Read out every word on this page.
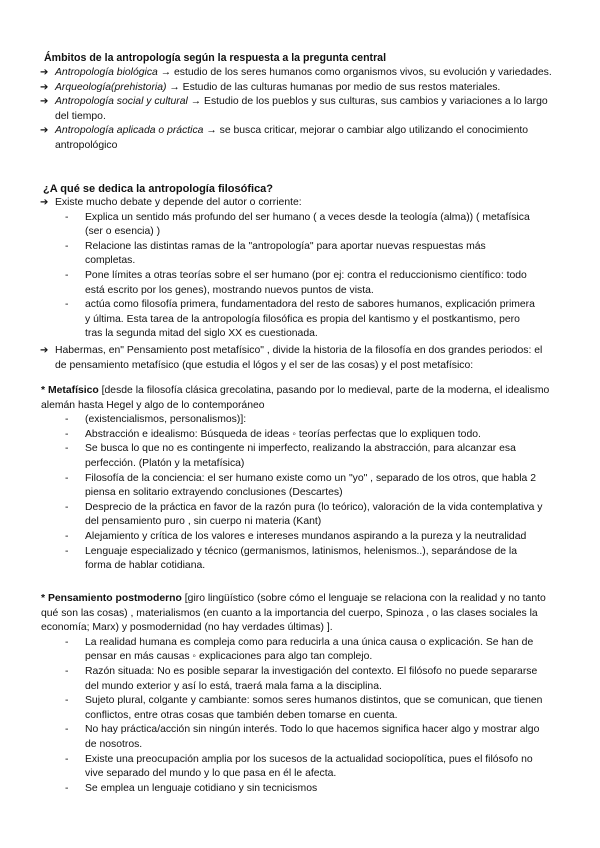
Ámbitos de la antropología según la respuesta a la pregunta central
➔ Antropología biológica → estudio de los seres humanos como organismos vivos, su evolución y variedades.
➔ Arqueología(prehistoria) → Estudio de las culturas humanas por medio de sus restos materiales.
➔ Antropología social y cultural → Estudio de los pueblos y sus culturas, sus cambios y variaciones a lo largo del tiempo.
➔ Antropología aplicada o práctica → se busca criticar, mejorar o cambiar algo utilizando el conocimiento antropológico
¿A qué se dedica la antropología filosófica?
➔ Existe mucho debate y depende del autor o corriente:
- Explica un sentido más profundo del ser humano ( a veces desde la teología (alma)) ( metafísica (ser o esencia) )
- Relacione las distintas ramas de la "antropología" para aportar nuevas respuestas más completas.
- Pone límites a otras teorías sobre el ser humano (por ej: contra el reduccionismo científico: todo está escrito por los genes), mostrando nuevos puntos de vista.
- actúa como filosofía primera, fundamentadora del resto de sabores humanos, explicación primera y última. Esta tarea de la antropología filosófica es propia del kantismo y el postkantismo, pero tras la segunda mitad del siglo XX es cuestionada.
➔ Habermas, en" Pensamiento post metafísico" , divide la historia de la filosofía en dos grandes periodos: el de pensamiento metafísico (que estudia el lógos y el ser de las cosas) y el post metafísico:
* Metafísico [desde la filosofía clásica grecolatina, pasando por lo medieval, parte de la moderna, el idealismo alemán hasta Hegel y algo de lo contemporáneo
- (existencialismos, personalismos)]:
- Abstracción e idealismo: Búsqueda de ideas ◦ teorías perfectas que lo expliquen todo.
- Se busca lo que no es contingente ni imperfecto, realizando la abstracción, para alcanzar esa perfección. (Platón y la metafísica)
- Filosofía de la conciencia: el ser humano existe como un "yo" , separado de los otros, que habla 2 piensa en solitario extrayendo conclusiones (Descartes)
- Desprecio de la práctica en favor de la razón pura (lo teórico), valoración de la vida contemplativa y del pensamiento puro , sin cuerpo ni materia (Kant)
- Alejamiento y crítica de los valores e intereses mundanos aspirando a la pureza y la neutralidad
- Lenguaje especializado y técnico (germanismos, latinismos, helenismos..), separándose de la forma de hablar cotidiana.
* Pensamiento postmoderno [giro lingüístico (sobre cómo el lenguaje se relaciona con la realidad y no tanto qué son las cosas) , materialismos (en cuanto a la importancia del cuerpo, Spinoza , o las clases sociales la economía; Marx) y posmodernidad (no hay verdades últimas) ].
- La realidad humana es compleja como para reducirla a una única causa o explicación. Se han de pensar en más causas ◦ explicaciones para algo tan complejo.
- Razón situada: No es posible separar la investigación del contexto. El filósofo no puede separarse del mundo exterior y así lo está, traerá mala fama a la disciplina.
- Sujeto plural, colgante y cambiante: somos seres humanos distintos, que se comunican, que tienen conflictos, entre otras cosas que también deben tomarse en cuenta.
- No hay práctica/acción sin ningún interés. Todo lo que hacemos significa hacer algo y mostrar algo de nosotros.
- Existe una preocupación amplia por los sucesos de la actualidad sociopolítica, pues el filósofo no vive separado del mundo y lo que pasa en él le afecta.
- Se emplea un lenguaje cotidiano y sin tecnicismos
